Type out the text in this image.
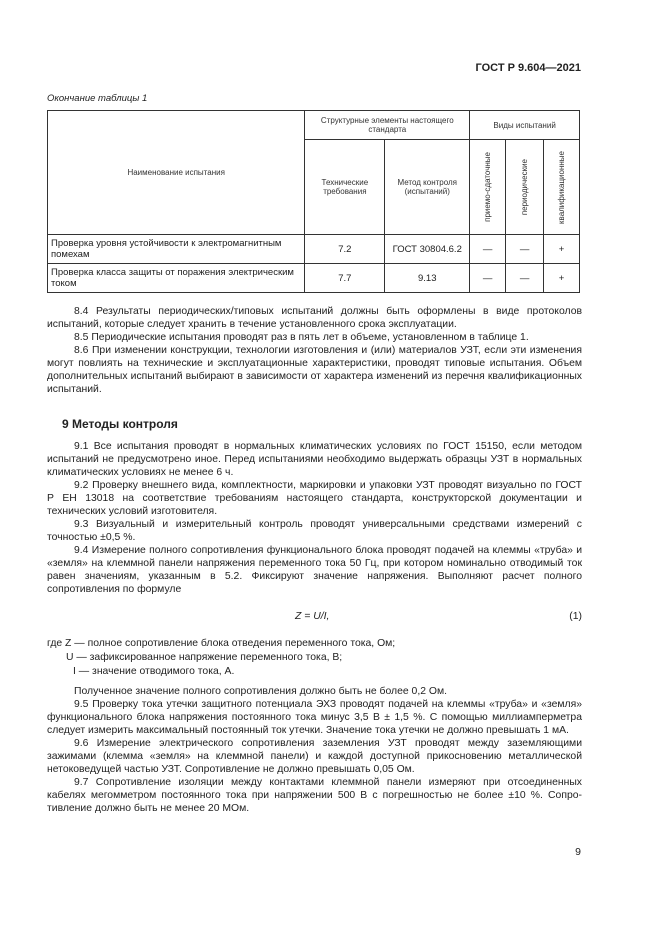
ГОСТ Р 9.604—2021
Окончание таблицы 1
Наименование испытания	Структурные элементы настоящего стандарта		Виды испытаний		
	Технические требования	Метод контроля (испытаний)	приемо-сдаточные	периодические	квалификационные

Проверка уровня устойчивости к электромагнитным помехам	7.2	ГОСТ 30804.6.2	—	—	+
Проверка класса защиты от поражения электрическим током	7.7	9.13	—	—	+

8.4 Результаты периодических/типовых испытаний должны быть оформлены в виде протоколов испытаний, которые следует хранить в течение установленного срока эксплуатации.

8.5 Периодические испытания проводят раз в пять лет в объеме, установленном в таблице 1.

8.6 При изменении конструкции, технологии изготовления и (или) материалов УЗТ, если эти изменения могут повлиять на технические и эксплуатационные характеристики, проводят типовые испытания. Объем дополнительных испытаний выбирают в зависимости от характера изменений из перечня квалификационных испытаний.

9 Методы контроля

9.1 Все испытания проводят в нормальных климатических условиях по ГОСТ 15150, если методом испытаний не предусмотрено иное. Перед испытаниями необходимо выдержать образцы УЗТ в нормальных климатических условиях не менее 6 ч.

9.2 Проверку внешнего вида, комплектности, маркировки и упаковки УЗТ проводят визуально по ГОСТ Р ЕН 13018 на соответствие требованиям настоящего стандарта, конструкторской документации и технических условий изготовителя.

9.3 Визуальный и измерительный контроль проводят универсальными средствами измерений с точностью ±0,5 %.

9.4 Измерение полного сопротивления функционального блока проводят подачей на клеммы «труба» и «земля» на клеммной панели напряжения переменного тока 50 Гц, при котором номинально отводимый ток равен значениям, указанным в 5.2. Фиксируют значение напряжения. Выполняют расчет полного сопротивления по формуле

Z = U/I,	(1)
где Z — полное сопротивление блока отведения переменного тока, Ом;
U — зафиксированное напряжение переменного тока, В;
I — значение отводимого тока, А.

Полученное значение полного сопротивления должно быть не более 0,2 Ом.

9.5 Проверку тока утечки защитного потенциала ЭХЗ проводят подачей на клеммы «труба» и «земля» функционального блока напряжения постоянного тока минус 3,5 В ± 1,5 %. С помощью миллиамперметра следует измерить максимальный постоянный ток утечки. Значение тока утечки не должно превышать 1 мА.

9.6 Измерение электрического сопротивления заземления УЗТ проводят между заземляющими зажимами (клемма «земля» на клеммной панели) и каждой доступной прикосновению металлической нетоковедущей частью УЗТ. Сопротивление не должно превышать 0,05 Ом.

9.7 Сопротивление изоляции между контактами клеммной панели измеряют при отсоединенных кабелях мегомметром постоянного тока при напряжении 500 В с погрешностью не более ±10 %. Сопротивление должно быть не менее 20 МОм.

9
